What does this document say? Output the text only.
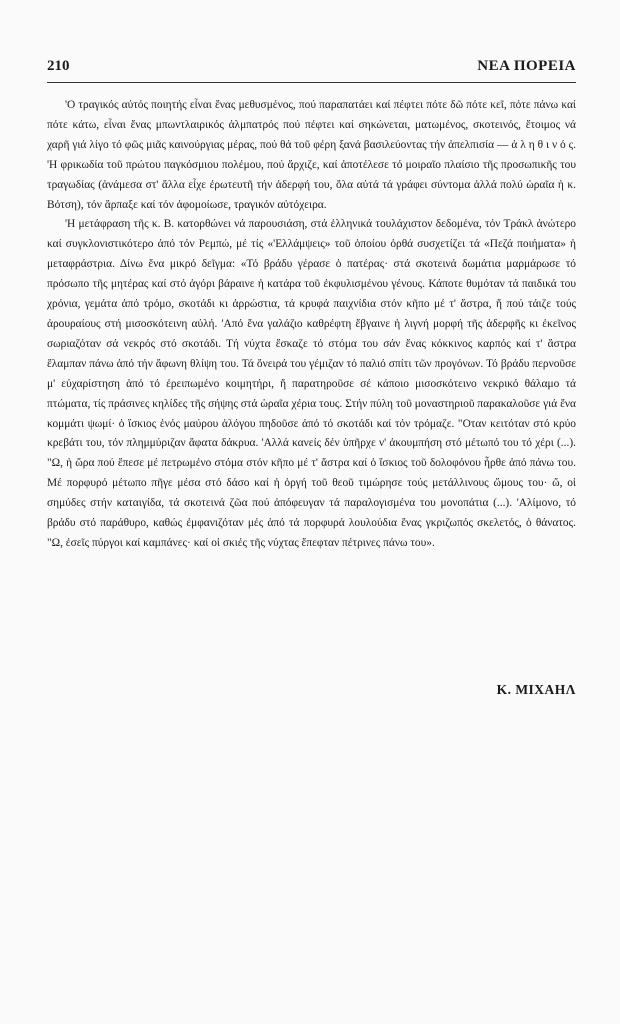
210	ΝΕΑ ΠΟΡΕΙΑ

'Ο τραγικός αὐτός ποιητής εἶναι ἕνας μεθυσμένος, πού παραπατάει καί πέφτει πότε δῶ πότε κεῖ, πότε πάνω καί πότε κάτω, εἶναι ἕνας μπωντλαιρικός ἀλμπατρός πού πέφτει καί σηκώνεται, ματωμένος, σκοτεινός, ἕτοιμος νά χαρῆ γιά λίγο τό φῶς μιᾶς καινούργιας μέρας, πού θά τοῦ φέρη ξανά βασιλεύοντας τήν ἀπελπισία — ἀ λ η θ ι ν ό ς. 'Η φρικωδία τοῦ πρώτου παγκόσμιου πολέμου, πού ἄρχιζε, καί ἀποτέλεσε τό μοιραῖο πλαίσιο τῆς προσωπικῆς του τραγωδίας (ἀνάμεσα στ' ἄλλα εἶχε ἐρωτευτῆ τήν ἀδερφή του, ὅλα αὐτά τά γράφει σύντομα ἀλλά πολύ ὡραῖα ἡ κ. Βότση), τόν ἄρπαξε καί τόν ἀφομοίωσε, τραγικόν αὐτόχειρα.

'Η μετάφραση τῆς κ. Β. κατορθώνει νά παρουσιάση, στά ἑλληνικά τουλάχιστον δεδομένα, τόν Τράκλ ἀνώτερο καί συγκλονιστικότερο ἀπό τόν Ρεμπώ, μέ τίς «'Ελλάμψεις» τοῦ ὁποίου ὀρθά συσχετίζει τά «Πεζά ποιήματα» ἡ μεταφράστρια. Δίνω ἕνα μικρό δεῖγμα: «Τό βράδυ γέρασε ὁ πατέρας· στά σκοτεινά δωμάτια μαρμάρωσε τό πρόσωπο τῆς μητέρας καί στό ἀγόρι βάραινε ἡ κατάρα τοῦ ἐκφυλισμένου γένους. Κάποτε θυμόταν τά παιδικά του χρόνια, γεμάτα ἀπό τρόμο, σκοτάδι κι ἀρρώστια, τά κρυφά παιχνίδια στόν κῆπο μέ τ' ἄστρα, ἤ πού τάιζε τούς ἀρουραίους στή μισοσκότεινη αὐλή. 'Από ἕνα γαλάζιο καθρέφτη ἔβγαινε ἡ λιγνή μορφή τῆς ἀδερφῆς κι ἐκεῖνος σωριαζόταν σά νεκρός στό σκοτάδι. Τή νύχτα ἔσκαζε τό στόμα του σάν ἕνας κόκκινος καρπός καί τ' ἄστρα ἔλαμπαν πάνω ἀπό τήν ἄφωνη θλίψη του. Τά ὄνειρά του γέμιζαν τό παλιό σπίτι τῶν προγόνων. Τό βράδυ περνοῦσε μ' εὐχαρίστηση ἀπό τό ἐρειπωμένο κοιμητήρι, ἤ παρατηροῦσε σέ κάποιο μισοσκότεινο νεκρικό θάλαμο τά πτώματα, τίς πράσινες κηλίδες τῆς σήψης στά ὡραῖα χέρια τους. Στήν πύλη τοῦ μοναστηριοῦ παρακαλοῦσε γιά ἕνα κομμάτι ψωμί· ὁ ἴσκιος ἑνός μαύρου ἀλόγου πηδοῦσε ἀπό τό σκοτάδι καί τόν τρόμαζε. "Οταν κειτόταν στό κρύο κρεβάτι του, τόν πλημμύριζαν ἄφατα δάκρυα. 'Αλλά κανείς δέν ὑπῆρχε ν' ἀκουμπήση στό μέτωπό του τό χέρι (...). "Ω, ἡ ὥρα πού ἔπεσε μέ πετρωμένο στόμα στόν κῆπο μέ τ' ἄστρα καί ὁ ἴσκιος τοῦ δολοφόνου ἦρθε ἀπό πάνω του. Μέ πορφυρό μέτωπο πῆγε μέσα στό δάσο καί ἡ ὀργή τοῦ θεοῦ τιμώρησε τούς μετάλλινους ὤμους του· ὤ, οἱ σημύδες στήν καταιγίδα, τά σκοτεινά ζῶα πού ἀπόφευγαν τά παραλογισμένα του μονοπάτια (...). 'Αλίμονο, τό βράδυ στό παράθυρο, καθώς ἐμφανιζόταν μές ἀπό τά πορφυρά λουλούδια ἕνας γκριζωπός σκελετός, ὁ θάνατος. "Ω, ἐσεῖς πύργοι καί καμπάνες· καί οἱ σκιές τῆς νύχτας ἔπεφταν πέτρινες πάνω του».

Κ. ΜΙΧΑΗΛ
